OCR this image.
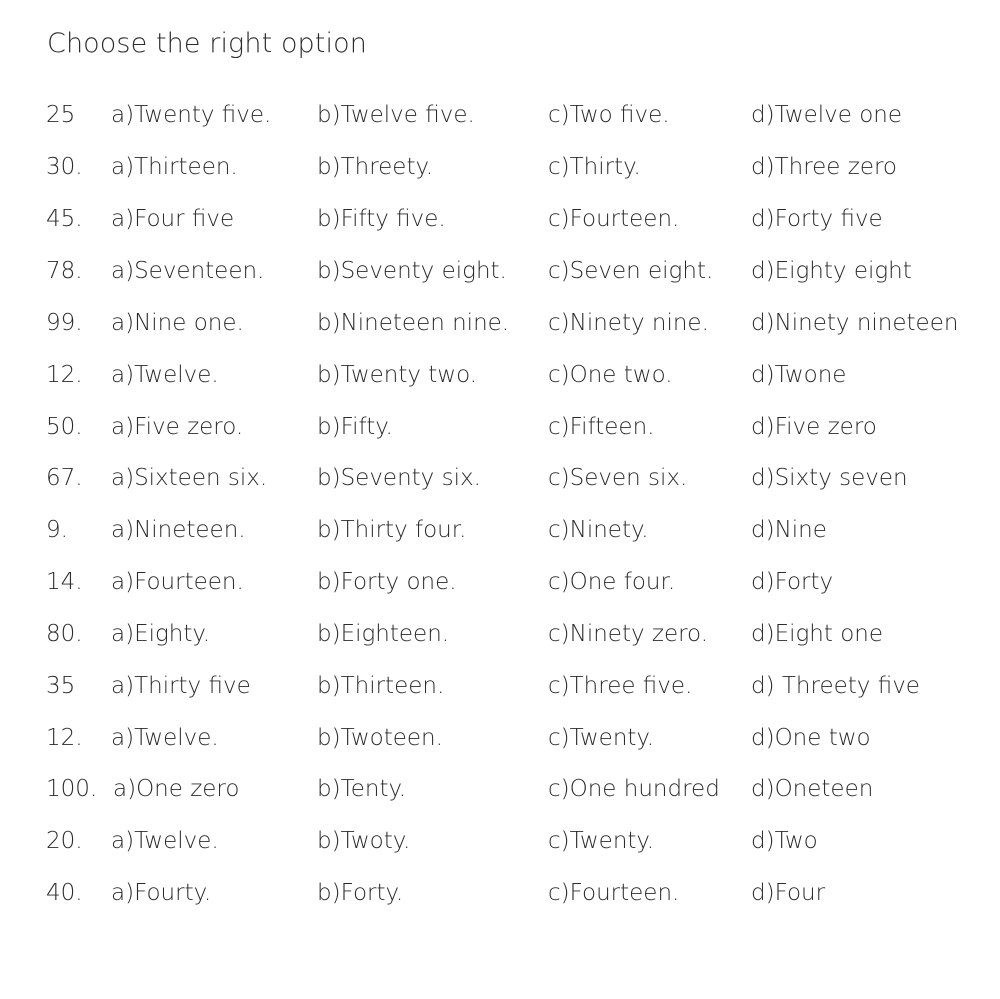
Choose the right option
25 a)Twenty five. b)Twelve five.	c)Two five.	d)Twelve one
30. a)Thirteen.	b)Threety.	c)Thirty.	d)Three zero
45. a)Four five	b)Fifty five.	c)Fourteen.	d)Forty five
78. a)Seventeen. b)Seventy eight. c)Seven eight. d)Eighty eight
99. a)Nine one.	b)Nineteen nine. c)Ninety nine. d)Ninety nineteen
12. a)Twelve.	b)Twenty two.	c)One two.	d)Twone
50. a)Five zero.	b)Fifty.	c)Fifteen.	d)Five zero
67. a)Sixteen six. b)Seventy six.	c)Seven six.	d)Sixty seven
9. a)Nineteen.	b)Thirty four.	c)Ninety.	d)Nine
14. a)Fourteen.	b)Forty one.	c)One four.	d)Forty
80. a)Eighty.	b)Eighteen.	c)Ninety zero. d)Eight one
35 a)Thirty five	b)Thirteen.	c)Three five.	d) Threety five
12. a)Twelve.	b)Twoteen.	c)Twenty.	d)One two
100. a)One zero	b)Tenty.	c)One hundred d)Oneteen
20. a)Twelve.	b)Twoty.	c)Twenty.	d)Two
40. a)Fourty.	b)Forty.	c)Fourteen.	d)Four
